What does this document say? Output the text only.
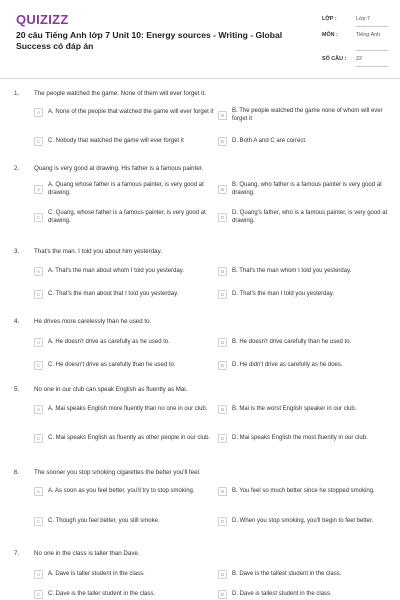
QUIZIZZ
20 câu Tiếng Anh lớp 7 Unit 10: Energy sources - Writing - Global Success có đáp án
LỚP :	Lớp 7
MÔN :	Tiếng Anh
SỐ CÂU :	22
1. The people watched the game. None of them will ever forget it.
A	A. None of the people that watched the game will ever forget it
B
B. The people watched the game none of whom will ever forget it
C	C. Nobody that watched the game will ever forget it	D	D. Both A and C are correct.
2. Quang is very good at drawing. His father is a famous painter.
A
A. Quang whose father is a famous painter, is very good at drawing.	B
B. Quang, who father is a famous painter is very good at drawing.
C
C. Quang, whose father is a famous painter, is very good at drawing.	D
D. Quang's father, who is a famous painter, is very good at drawing.
3. That's the man. I told you about him yesterday.
A	A. That's the man about whom I told you yesterday.	B	B. That's the man whom I told you yesterday.
C	C. That's the man about that I told you yesterday.	D	D. That's the man I told you yesterday.
4. He drives more carelessly than he used to.
A	A. He doesn't drive as carefully as he used to.	B	B. He doesn't drive carefully than he used to.
C	C. He doesn't drive as carefully than he used to.	D	D. He didn't drive as carefully as he does.
5. No one in our club can speak English as fluently as Mai.
A	A. Mai speaks English more fluently than no one in our club.	B	B. Mai is the worst English speaker in our club.
C	C. Mai speaks English as fluently as other people in our club.	D	D. Mai speaks English the most fluently in our club.
6. The sooner you stop smoking cigarettes the better you'll feel.
A	A. As soon as you feel better, you'll try to stop smoking.	B	B. You feel so much better since he stopped smoking.
C	C. Though you feel better, you still smoke.	D	D. When you stop smoking, you'll begin to feel better.
7. No one in the class is taller than Dave.
A	A. Dave is taller student in the class.	B	B. Dave is the tallest student in the class.
C	C. Dave is the taller student in the class.	D	D. Dave is tallest student in the class.
